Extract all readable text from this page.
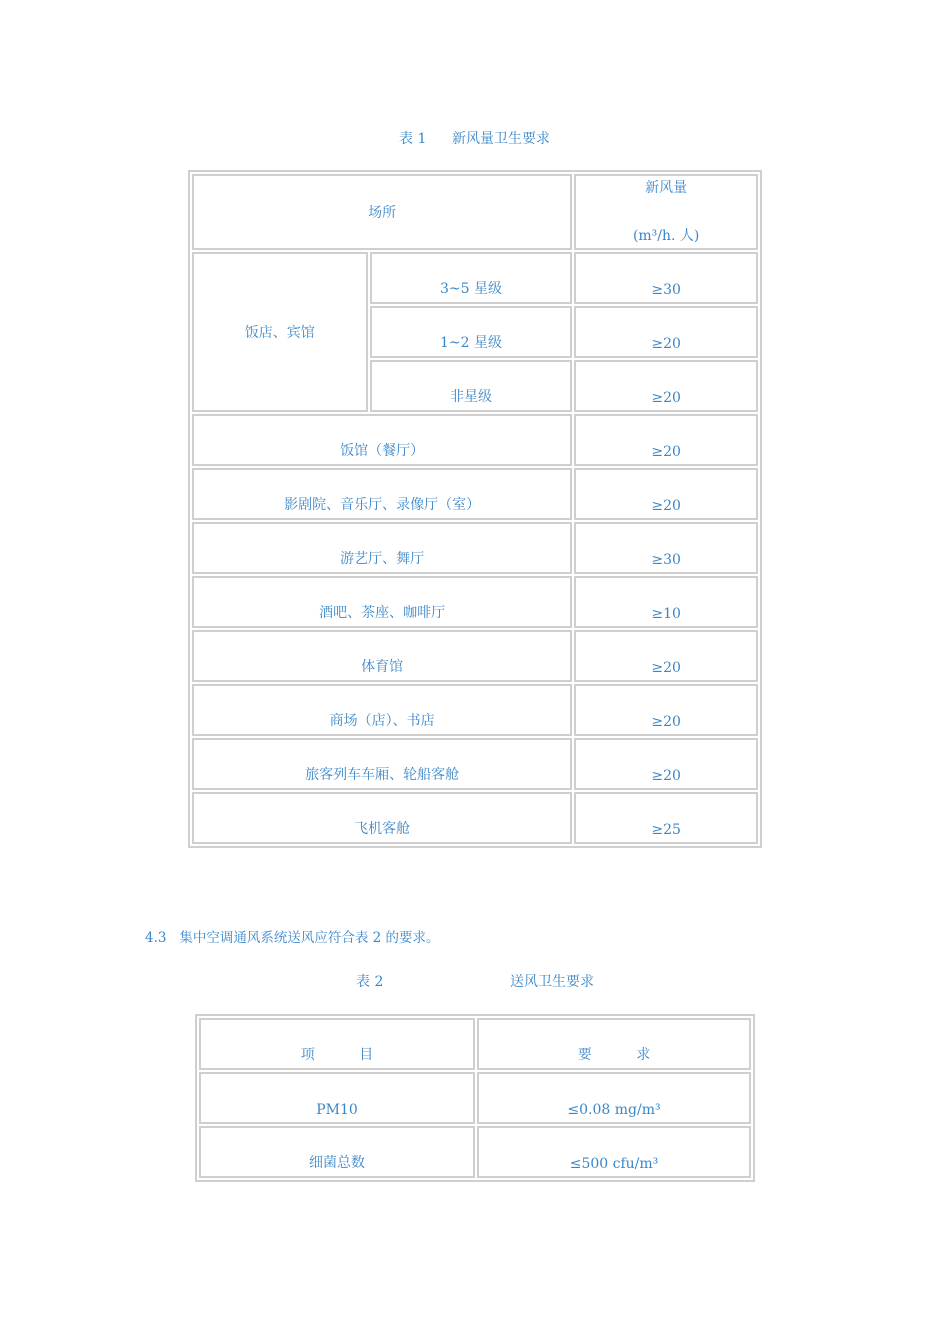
表 1 新风量卫生要求
场所		新风量
(m³/h. 人)

饭店、宾馆	3~5 星级	≥30
	1~2 星级	≥20
	非星级	≥20
饭馆（餐厅）		≥20
影剧院、音乐厅、录像厅（室）		≥20
游艺厅、舞厅		≥30
酒吧、茶座、咖啡厅		≥10
体育馆		≥20
商场（店）、书店		≥20
旅客列车车厢、轮船客舱		≥20
飞机客舱		≥25
4.3   集中空调通风系统送风应符合表 2 的要求。
表 2	送风卫生要求
项          目	要          求
PM10	≤0.08 mg/m³
细菌总数	≤500 cfu/m³
